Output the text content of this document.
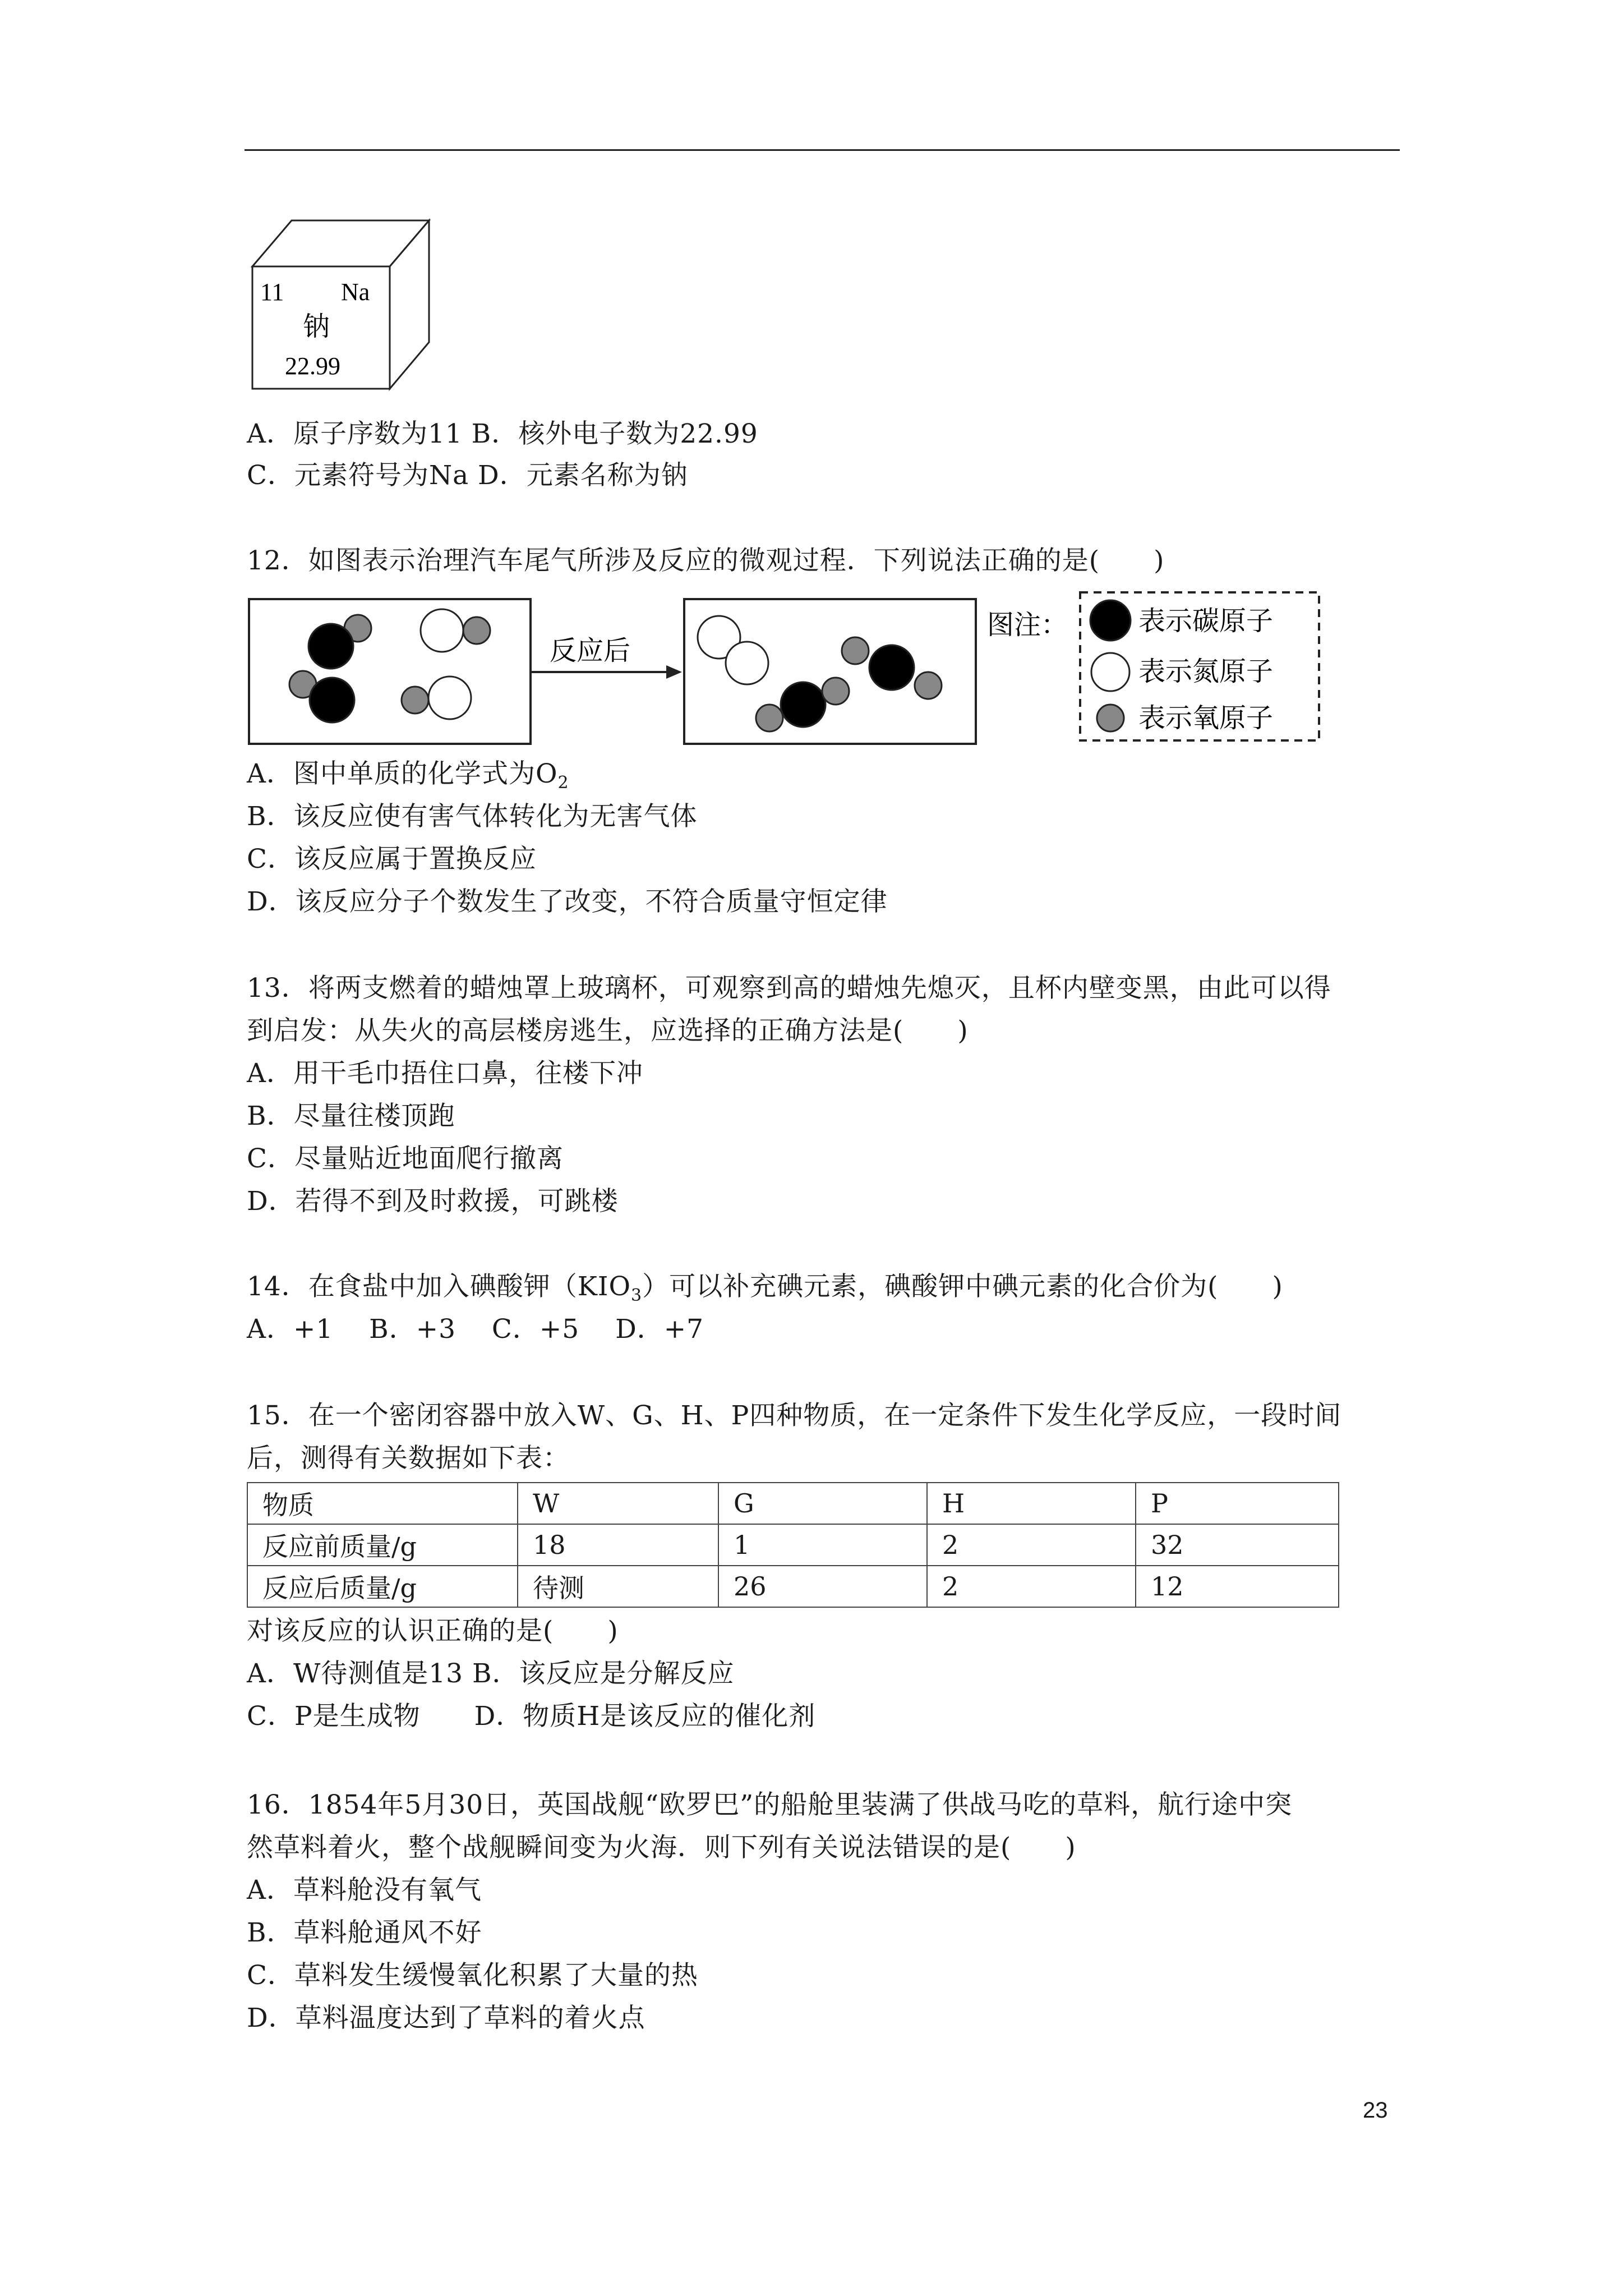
11 Na
钠
22.99
A．原子序数为11 B．核外电子数为22.99
C．元素符号为Na D．元素名称为钠
12．如图表示治理汽车尾气所涉及反应的微观过程．下列说法正确的是(　　)
反应后
图注：	表示碳原子
表示氮原子
表示氧原子
A．图中单质的化学式为$O_2$
B．该反应使有害气体转化为无害气体
C．该反应属于置换反应
D．该反应分子个数发生了改变，不符合质量守恒定律
13．将两支燃着的蜡烛罩上玻璃杯，可观察到高的蜡烛先熄灭，且杯内壁变黑，由此可以得
到启发：从失火的高层楼房逃生，应选择的正确方法是(　　)
A．用干毛巾捂住口鼻，往楼下冲
B．尽量往楼顶跑
C．尽量贴近地面爬行撤离
D．若得不到及时救援，可跳楼
14．在食盐中加入碘酸钾$(KIO_3)$可以补充碘元素，碘酸钾中碘元素的化合价为(　　)
A．+1　 B．+3　 C．+5　 D．+7
15．在一个密闭容器中放入W、G、H、P四种物质，在一定条件下发生化学反应，一段时间
后，测得有关数据如下表：
物质	W	G	H	P
反应前质量/g	18	1	2	32
反应后质量/g	待测	26	2	12
对该反应的认识正确的是(　　)
A．W待测值是13 B．该反应是分解反应
C．P是生成物　　D．物质H是该反应的催化剂
16．1854年5月30日，英国战舰“欧罗巴”的船舱里装满了供战马吃的草料，航行途中突
然草料着火，整个战舰瞬间变为火海．则下列有关说法错误的是(　　)
A．草料舱没有氧气
B．草料舱通风不好
C．草料发生缓慢氧化积累了大量的热
D．草料温度达到了草料的着火点
23
